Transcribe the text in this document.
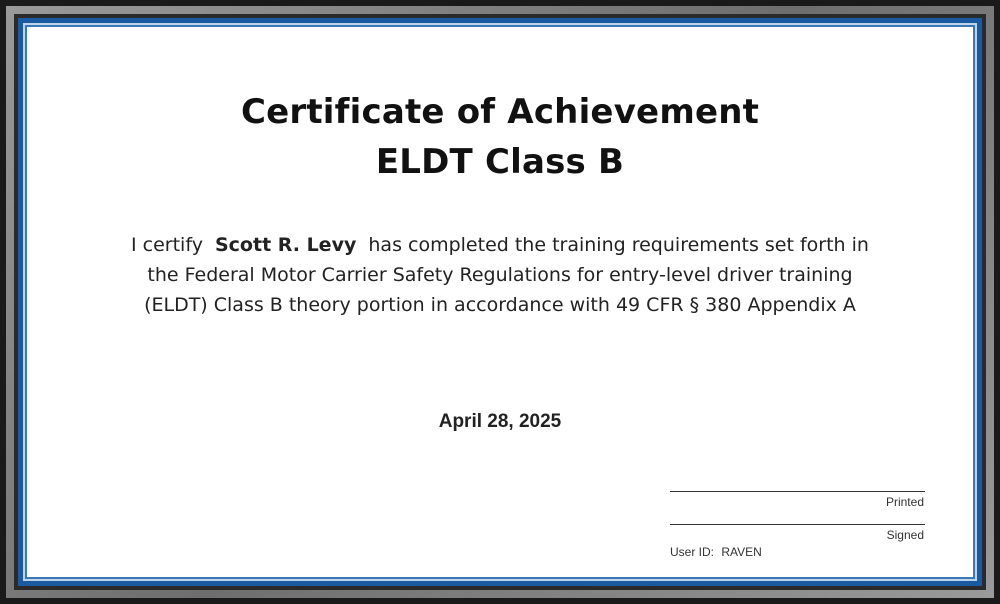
Certificate of Achievement
ELDT Class B
I certify Scott R. Levy has completed the training requirements set forth in the Federal Motor Carrier Safety Regulations for entry-level driver training (ELDT) Class B theory portion in accordance with 49 CFR § 380 Appendix A
April 28, 2025
Printed
Signed
User ID: RAVEN
